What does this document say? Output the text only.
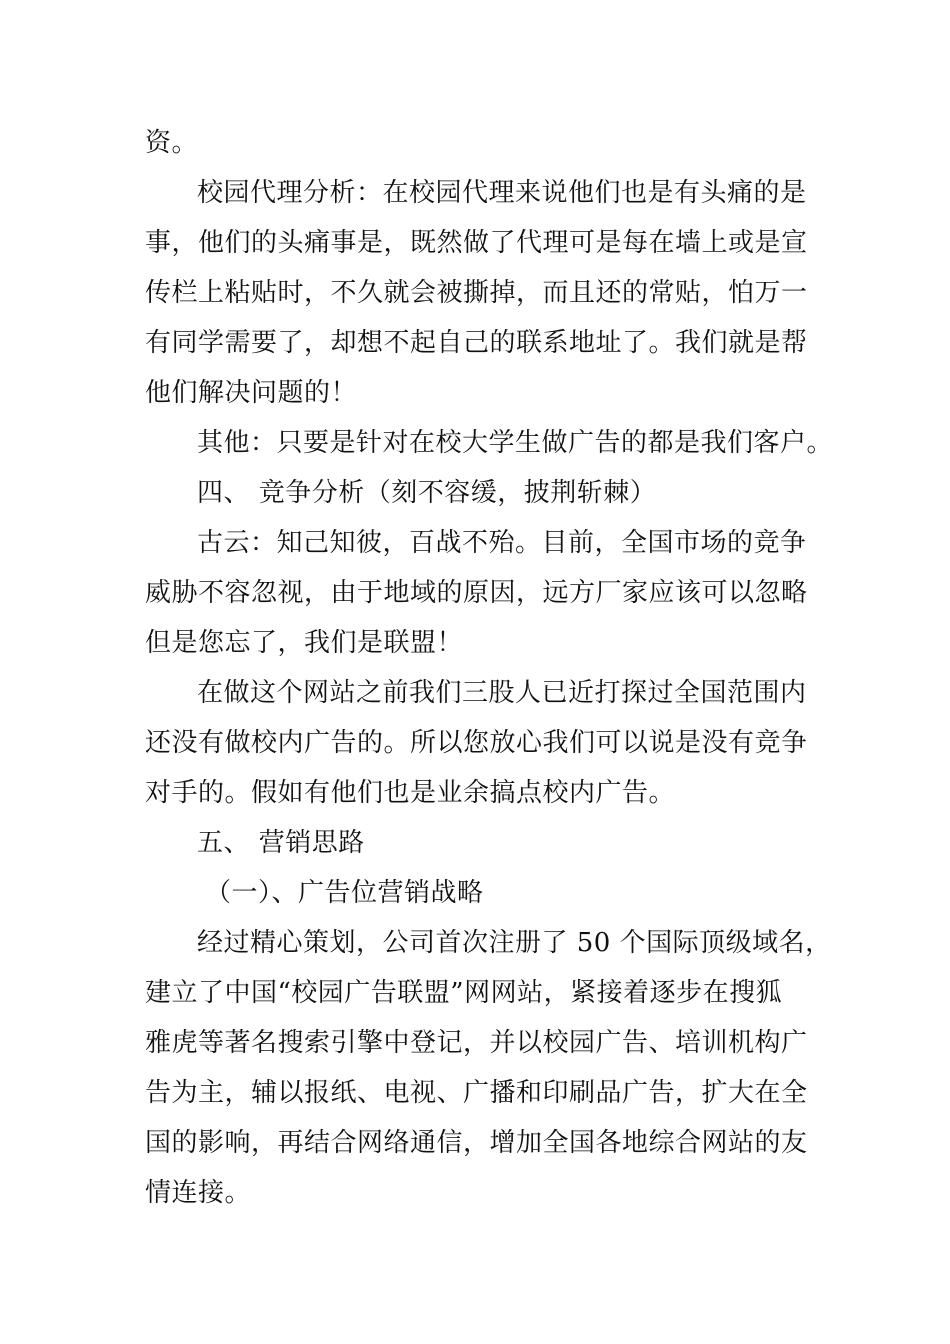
资。
校园代理分析：在校园代理来说他们也是有头痛的是
事，他们的头痛事是，既然做了代理可是每在墙上或是宣
传栏上粘贴时，不久就会被撕掉，而且还的常贴，怕万一
有同学需要了，却想不起自己的联系地址了。我们就是帮
他们解决问题的！
其他：只要是针对在校大学生做广告的都是我们客户。
四、 竞争分析（刻不容缓，披荆斩棘）
古云：知己知彼，百战不殆。目前，全国市场的竞争
威胁不容忽视，由于地域的原因，远方厂家应该可以忽略
但是您忘了，我们是联盟！
在做这个网站之前我们三股人已近打探过全国范围内
还没有做校内广告的。所以您放心我们可以说是没有竞争
对手的。假如有他们也是业余搞点校内广告。
五、 营销思路
（一）、广告位营销战略
经过精心策划，公司首次注册了 50 个国际顶级域名，
建立了中国“校园广告联盟”网网站，紧接着逐步在搜狐
雅虎等著名搜索引擎中登记，并以校园广告、培训机构广
告为主，辅以报纸、电视、广播和印刷品广告，扩大在全
国的影响，再结合网络通信，增加全国各地综合网站的友
情连接。
